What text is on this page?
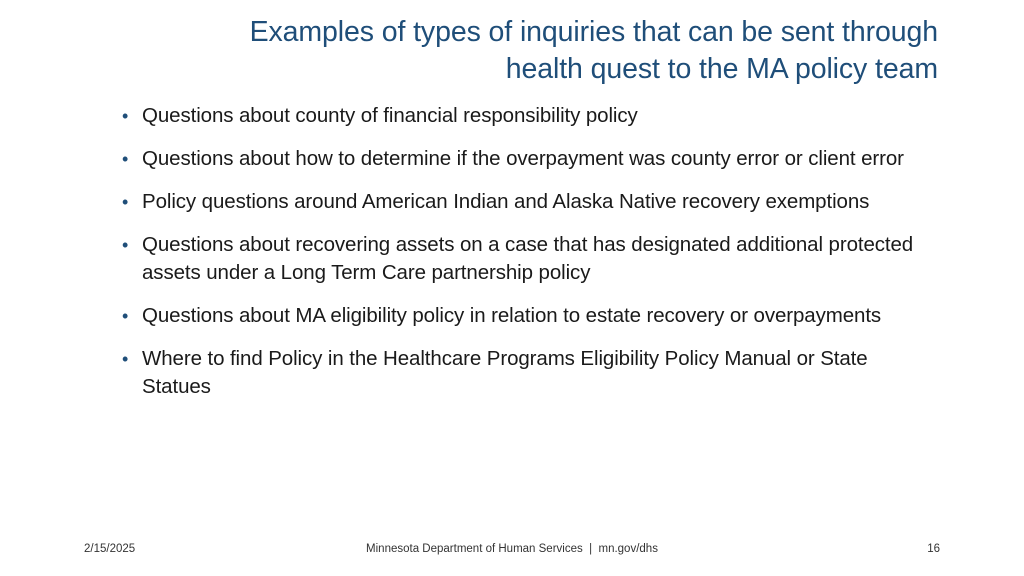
Examples of types of inquiries that can be sent through
health quest to the MA policy team
• Questions about county of financial responsibility policy
• Questions about how to determine if the overpayment was county error or client error
• Policy questions around American Indian and Alaska Native recovery exemptions
• Questions about recovering assets on a case that has designated additional protected assets under a Long Term Care partnership policy
• Questions about MA eligibility policy in relation to estate recovery or overpayments
• Where to find Policy in the Healthcare Programs Eligibility Policy Manual or State Statues
2/15/2025	Minnesota Department of Human Services  |  mn.gov/dhs	16
